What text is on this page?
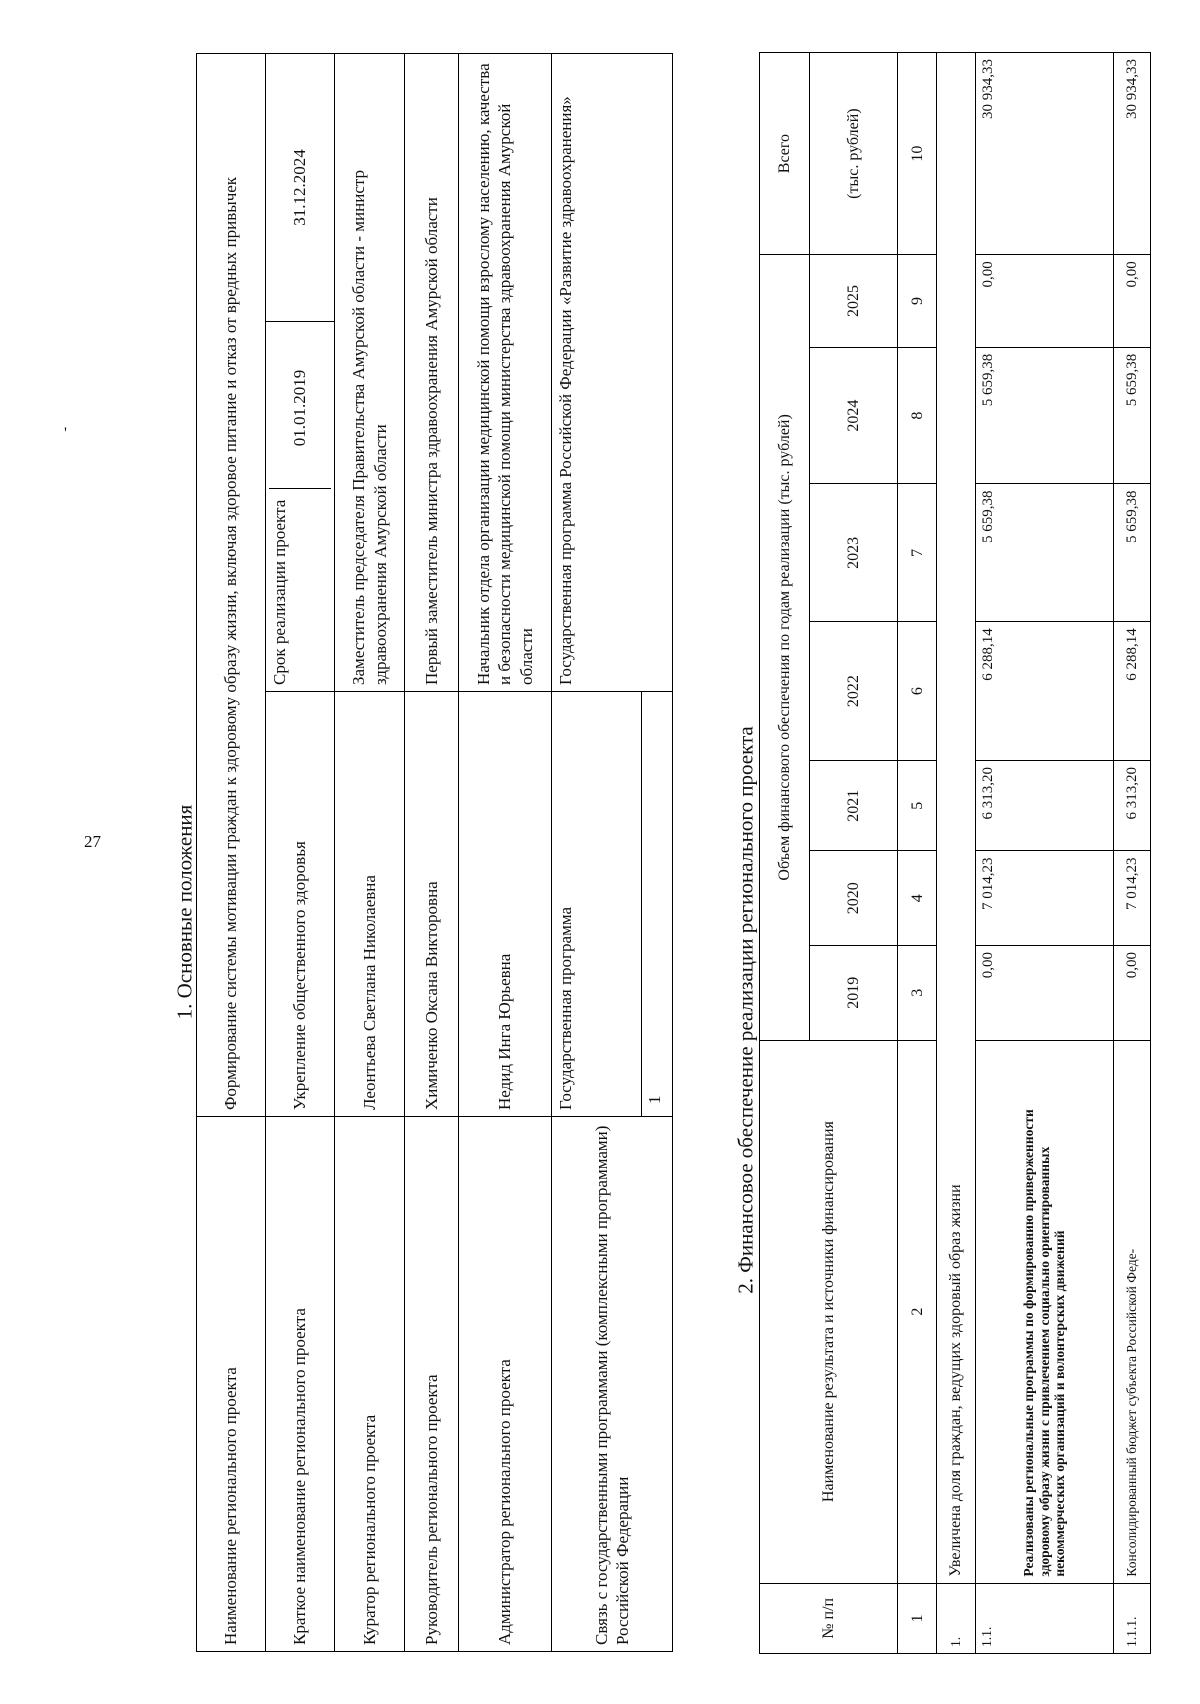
27
'
1. Основные положения
Наименование регионального проекта	Формирование системы мотивации граждан к здоровому образу жизни, включая здоровое питание и отказ от вредных привычек		
Краткое наименование регионального проекта	Укрепление общественного здоровья	Срок реализации проекта
01.01.2019	31.12.2024
Куратор регионального проекта	Леонтьева Светлана Николаевна	Заместитель председателя Правительства Амурской области - министр здравоохранения Амурской области	
Руководитель регионального проекта	Химиченко Оксана Викторовна	Первый заместитель министра здравоохранения Амурской области	
Администратор регионального проекта	Недид Инга Юрьевна	Начальник отдела организации медицинской помощи взрослому населению, качества и безопасности медицинской помощи министерства здравоохранения Амурской области	
Связь с государственными программами (комплексными программами) Российской Федерации	Государственная программа 1	Государственная программа Российской Федерации «Развитие здравоохранения»	
2. Финансовое обеспечение реализации регионального проекта
№ п/п	Наименование результата и источники финансирования	Объем финансового обеспечения по годам реализации (тыс. рублей)							Всего
		2019	2020	2021	2022	2023	2024	2025	(тыс. рублей)
1	2	3	4	5	6	7	8	9	10
1.	Увеличена доля граждан, ведущих здоровый образ жизни								
1.1.	Реализованы региональные программы по формированию приверженности здоровому образу жизни с привлечением социально ориентированных некоммерческих организаций и волонтерских движений	0,00	7 014,23	6 313,20	6 288,14	5 659,38	5 659,38	0,00	30 934,33
1.1.1.	Консолидированный бюджет субъекта Российской Феде-	0,00	7 014,23	6 313,20	6 288,14	5 659,38	5 659,38	0,00	30 934,33
